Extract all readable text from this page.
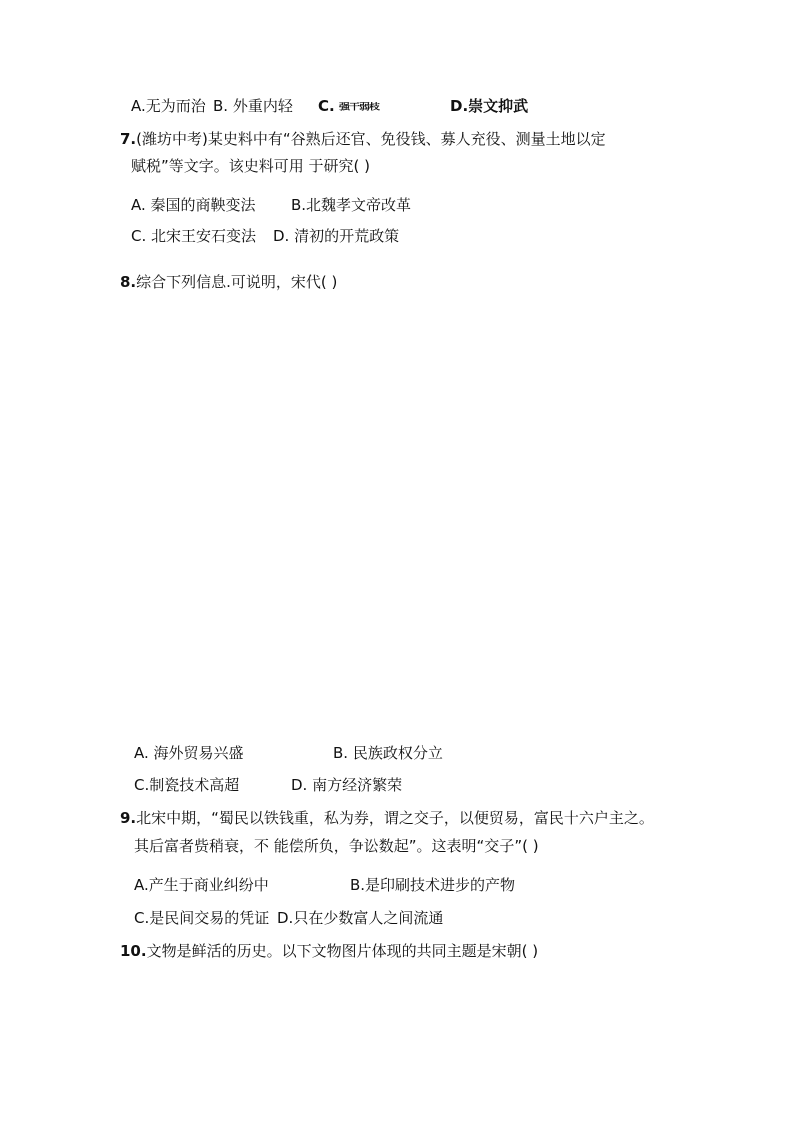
A.无为而治 B. 外重内轻 C. 强干弱枝	D.崇文抑武
7.(潍坊中考)某史料中有“谷熟后还官、免役钱、募人充役、测量土地以定
赋税”等文字。该史料可用 于研究( )
A. 秦国的商鞅变法 B.北魏孝文帝改革
C. 北宋王安石变法 D. 清初的开荒政策
8.综合下列信息.可说明，宋代( )
A. 海外贸易兴盛	B. 民族政权分立
C.制瓷技术高超	D. 南方经济繁荣
9.北宋中期，“蜀民以铁钱重，私为券，谓之交子，以便贸易，富民十六户主之。
其后富者赀稍衰，不 能偿所负，争讼数起”。这表明“交子”( )
A.产生于商业纠纷中	B.是印刷技术进步的产物
C.是民间交易的凭证 D.只在少数富人之间流通
10.文物是鲜活的历史。以下文物图片体现的共同主题是宋朝( )
